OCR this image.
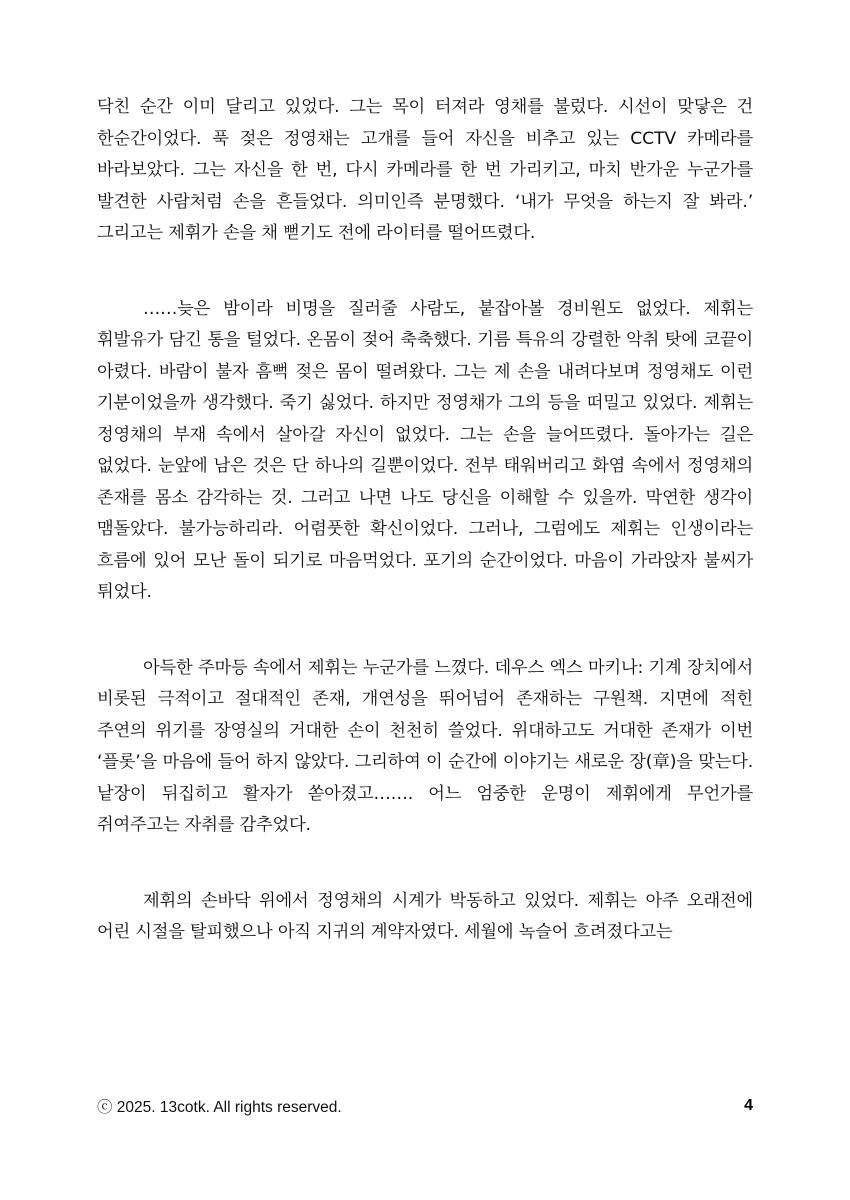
닥친 순간 이미 달리고 있었다. 그는 목이 터져라 영채를 불렀다. 시선이 맞닿은 건 한순간이었다. 푹 젖은 정영채는 고개를 들어 자신을 비추고 있는 CCTV 카메라를 바라보았다. 그는 자신을 한 번, 다시 카메라를 한 번 가리키고, 마치 반가운 누군가를 발견한 사람처럼 손을 흔들었다. 의미인즉 분명했다. ‘내가 무엇을 하는지 잘 봐라.’ 그리고는 제휘가 손을 채 뻗기도 전에 라이터를 떨어뜨렸다.

……늦은 밤이라 비명을 질러줄 사람도, 붙잡아볼 경비원도 없었다. 제휘는 휘발유가 담긴 통을 털었다. 온몸이 젖어 축축했다. 기름 특유의 강렬한 악취 탓에 코끝이 아렸다. 바람이 불자 흠뻑 젖은 몸이 떨려왔다. 그는 제 손을 내려다보며 정영채도 이런 기분이었을까 생각했다. 죽기 싫었다. 하지만 정영채가 그의 등을 떠밀고 있었다. 제휘는 정영채의 부재 속에서 살아갈 자신이 없었다. 그는 손을 늘어뜨렸다. 돌아가는 길은 없었다. 눈앞에 남은 것은 단 하나의 길뿐이었다. 전부 태워버리고 화염 속에서 정영채의 존재를 몸소 감각하는 것. 그러고 나면 나도 당신을 이해할 수 있을까. 막연한 생각이 맴돌았다. 불가능하리라. 어렴풋한 확신이었다. 그러나, 그럼에도 제휘는 인생이라는 흐름에 있어 모난 돌이 되기로 마음먹었다. 포기의 순간이었다. 마음이 가라앉자 불씨가 튀었다.

아득한 주마등 속에서 제휘는 누군가를 느꼈다. 데우스 엑스 마키나: 기계 장치에서 비롯된 극적이고 절대적인 존재, 개연성을 뛰어넘어 존재하는 구원책. 지면에 적힌 주연의 위기를 장영실의 거대한 손이 천천히 쓸었다. 위대하고도 거대한 존재가 이번 ‘플롯’을 마음에 들어 하지 않았다. 그리하여 이 순간에 이야기는 새로운 장(章)을 맞는다. 낱장이 뒤집히고 활자가 쏟아졌고……. 어느 엄중한 운명이 제휘에게 무언가를 쥐여주고는 자취를 감추었다.

제휘의 손바닥 위에서 정영채의 시계가 박동하고 있었다. 제휘는 아주 오래전에 어린 시절을 탈피했으나 아직 지귀의 계약자였다. 세월에 녹슬어 흐려졌다고는

ⓒ 2025. 13cotk. All rights reserved.	4
